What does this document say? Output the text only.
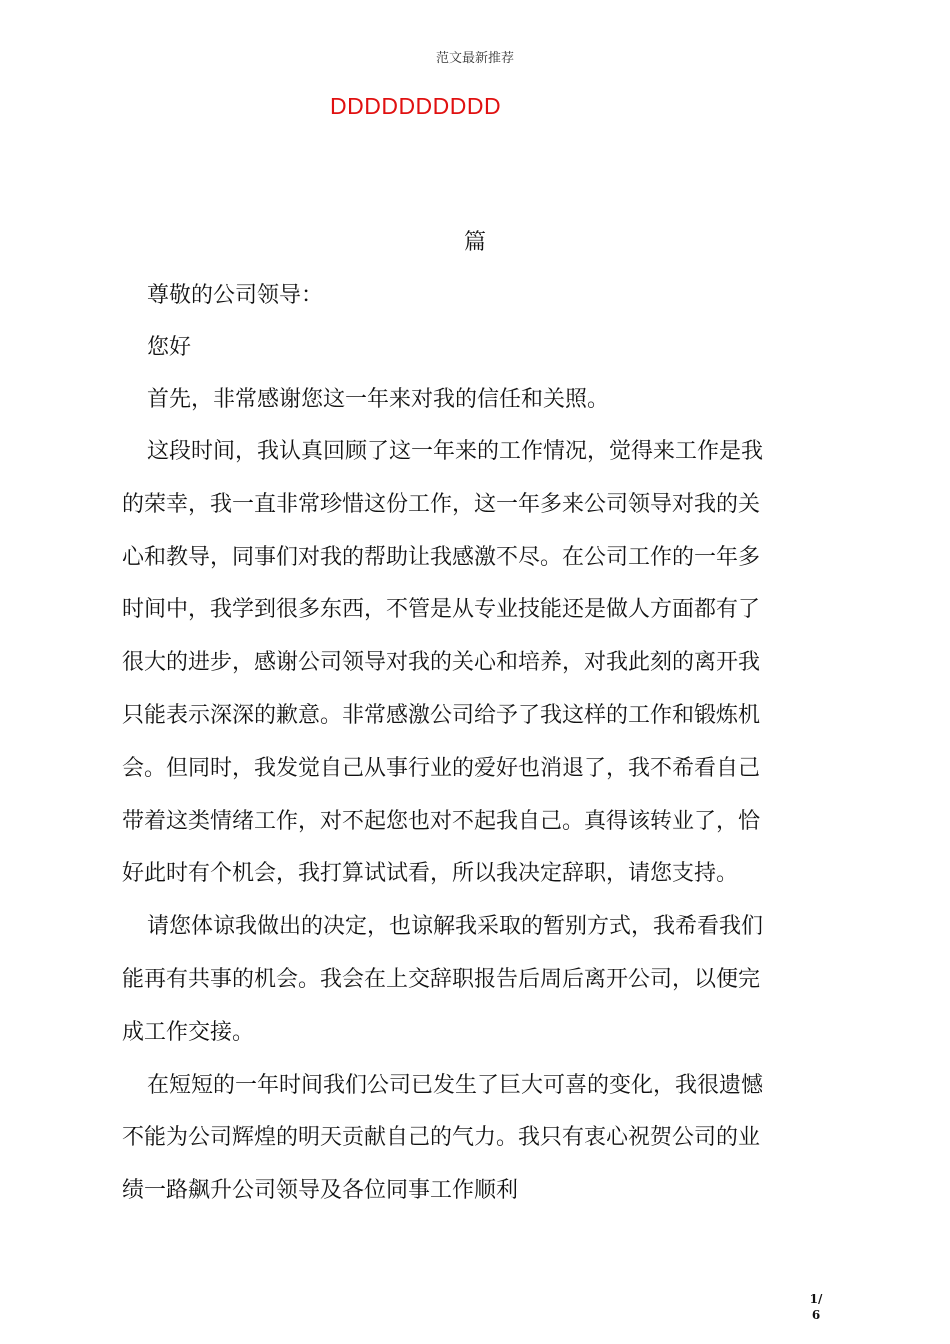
范文最新推荐
DDDDDDDDDD
篇

尊敬的公司领导：

您好

首先，非常感谢您这一年来对我的信任和关照。

这段时间，我认真回顾了这一年来的工作情况，觉得来工作是我
的荣幸，我一直非常珍惜这份工作，这一年多来公司领导对我的关
心和教导，同事们对我的帮助让我感激不尽。在公司工作的一年多
时间中，我学到很多东西，不管是从专业技能还是做人方面都有了
很大的进步，感谢公司领导对我的关心和培养，对我此刻的离开我
只能表示深深的歉意。非常感激公司给予了我这样的工作和锻炼机
会。但同时，我发觉自己从事行业的爱好也消退了，我不希看自己
带着这类情绪工作，对不起您也对不起我自己。真得该转业了，恰
好此时有个机会，我打算试试看，所以我决定辞职，请您支持。
请您体谅我做出的决定，也谅解我采取的暂别方式，我希看我们
能再有共事的机会。我会在上交辞职报告后周后离开公司，以便完
成工作交接。
在短短的一年时间我们公司已发生了巨大可喜的变化，我很遗憾
不能为公司辉煌的明天贡献自己的气力。我只有衷心祝贺公司的业
绩一路飙升公司领导及各位同事工作顺利
1/
6
